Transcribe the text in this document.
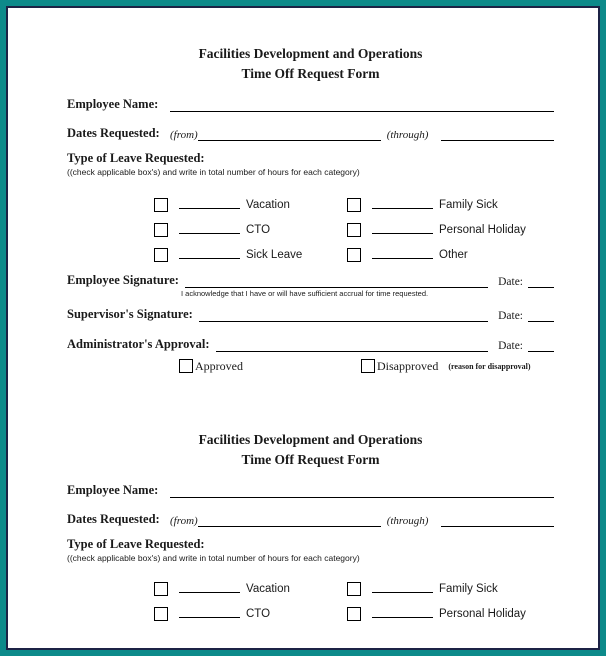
Facilities Development and Operations
Time Off Request Form
Employee Name:
Dates Requested: (from)	(through)
Type of Leave Requested:
((check applicable box's) and write in total number of hours for each category)
Vacation	Family Sick
CTO	Personal Holiday
Sick Leave	Other
Employee Signature:	Date:
I acknowledge that I have or will have sufficient accrual for time requested.
Supervisor's Signature:	Date:
Administrator's Approval:	Date:
Approved	Disapproved (reason for disapproval)
Facilities Development and Operations
Time Off Request Form
Employee Name:
Dates Requested: (from)	(through)
Type of Leave Requested:
((check applicable box's) and write in total number of hours for each category)
Vacation	Family Sick
CTO	Personal Holiday
